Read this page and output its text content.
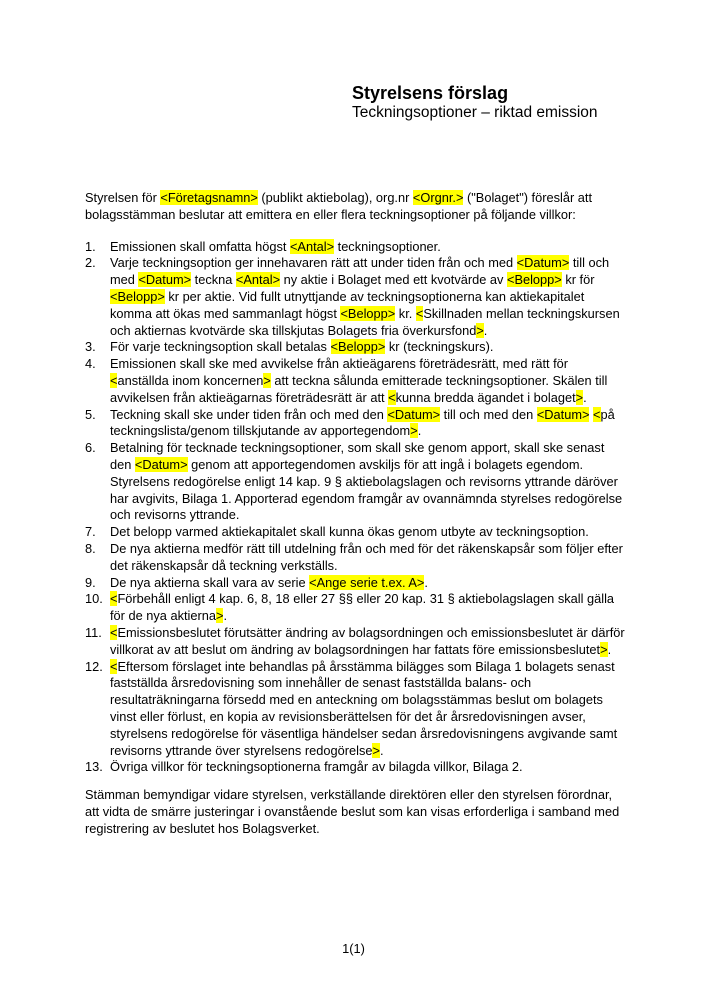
Styrelsens förslag
Teckningsoptioner – riktad emission

Styrelsen för <Företagsnamn> (publikt aktiebolag), org.nr <Orgnr.> ("Bolaget") föreslår att bolagsstämman beslutar att emittera en eller flera teckningsoptioner på följande villkor:

1.	Emissionen skall omfatta högst <Antal> teckningsoptioner.
2.	Varje teckningsoption ger innehavaren rätt att under tiden från och med <Datum> till och med <Datum> teckna <Antal> ny aktie i Bolaget med ett kvotvärde av <Belopp> kr för <Belopp> kr per aktie. Vid fullt utnyttjande av teckningsoptionerna kan aktiekapitalet komma att ökas med sammanlagt högst <Belopp> kr. <Skillnaden mellan teckningskursen och aktiernas kvotvärde ska tillskjutas Bolagets fria överkursfond>.
3.	För varje teckningsoption skall betalas <Belopp> kr (teckningskurs).
4.	Emissionen skall ske med avvikelse från aktieägarens företrädesrätt, med rätt för <anställda inom koncernen> att teckna sålunda emitterade teckningsoptioner. Skälen till avvikelsen från aktieägarnas företrädesrätt är att <kunna bredda ägandet i bolaget>.
5.	Teckning skall ske under tiden från och med den <Datum> till och med den <Datum> <på teckningslista/genom tillskjutande av apportegendom>.
6.	Betalning för tecknade teckningsoptioner, som skall ske genom apport, skall ske senast den <Datum> genom att apportegendomen avskiljs för att ingå i bolagets egendom. Styrelsens redogörelse enligt 14 kap. 9 § aktiebolagslagen och revisorns yttrande däröver har avgivits, Bilaga 1. Apporterad egendom framgår av ovannämnda styrelses redogörelse och revisorns yttrande.
7.	Det belopp varmed aktiekapitalet skall kunna ökas genom utbyte av teckningsoption.
8.	De nya aktierna medför rätt till utdelning från och med för det räkenskapsår som följer efter det räkenskapsår då teckning verkställs.
9.	De nya aktierna skall vara av serie <Ange serie t.ex. A>.
10. <Förbehåll enligt 4 kap. 6, 8, 18 eller 27 §§ eller 20 kap. 31 § aktiebolagslagen skall gälla för de nya aktierna>.
11. <Emissionsbeslutet förutsätter ändring av bolagsordningen och emissionsbeslutet är därför villkorat av att beslut om ändring av bolagsordningen har fattats före emissionsbeslutet>.
12. <Eftersom förslaget inte behandlas på årsstämma bilägges som Bilaga 1 bolagets senast fastställda årsredovisning som innehåller de senast fastställda balans- och resultaträkningarna försedd med en anteckning om bolagsstämmas beslut om bolagets vinst eller förlust, en kopia av revisionsberättelsen för det år årsredovisningen avser, styrelsens redogörelse för väsentliga händelser sedan årsredovisningens avgivande samt revisorns yttrande över styrelsens redogörelse>.
13. Övriga villkor för teckningsoptionerna framgår av bilagda villkor, Bilaga 2.

Stämman bemyndigar vidare styrelsen, verkställande direktören eller den styrelsen förordnar, att vidta de smärre justeringar i ovanstående beslut som kan visas erforderliga i samband med registrering av beslutet hos Bolagsverket.

1(1)
